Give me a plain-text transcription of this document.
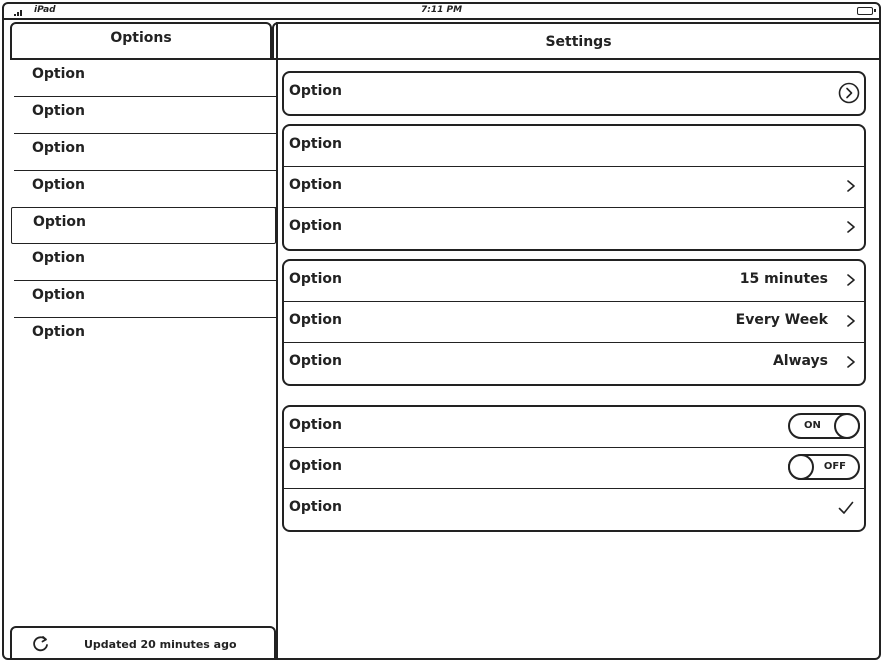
iPad	7:11 PM
Options
Option
Option
Option
Option
Option
Option
Option
Option
Updated 20 minutes ago
Settings
Option
Option
Option
Option
Option	15 minutes
Option	Every Week
Option	Always
Option	ON
Option	OFF
Option
